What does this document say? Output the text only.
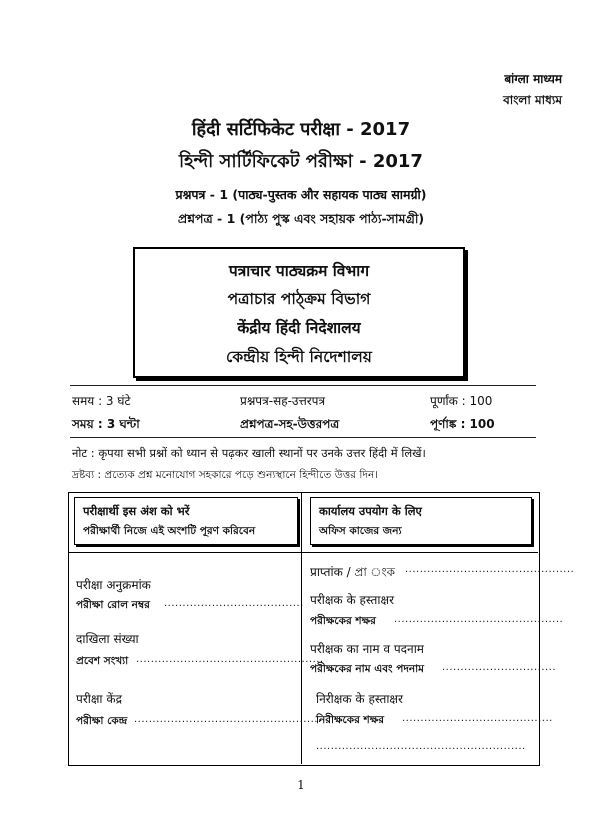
बांग्ला माध्यम
বাংলা মাধ্যম
हिंदी सर्टिफिकेट परीक्षा - 2017
হিন্দী সার্টিফিকেট পরীক্ষা - 2017
प्रश्नपत्र - 1 (पाठ्य-पुस्तक और सहायक पाठ्य सामग्री)
প্রশ্নপত্র - 1 (পাঠ্য পুস্ক এবং সহায়ক পাঠ্য-সামগ্রী)
पत्राचार पाठ्यक्रम विभाग
পত্রাচার পাঠ্ক্রম বিভাগ
केंद्रीय हिंदी निदेशालय
কেন্দ্রীয় হিন্দী নিদেশালয়
समय : 3 घंटे	प्रश्नपत्र-सह-उत्तरपत्र	पूर्णांक : 100
সময় : 3 ঘন্টা	প্রশ্নপত্র-সহ-উত্তরপত্র	পূর্ণাঙ্ক : 100
नोट : कृपया सभी प्रश्नों को ध्यान से पढ़कर खाली स्थानों पर उनके उत्तर हिंदी में लिखें।
দ্রষ্টব্য : প্রত্যেক প্রশ্ন মনোযোগ সহকারে পড়ে শুন্যস্থানে হিন্দীতে উত্তর দিন।
परीक्षार्थी इस अंश को भरें
পরীক্ষার্থী নিজে এই অংশটি পূরণ করিবেন
कार्यालय उपयोग के लिए
অফিস কাজের জন্য
परीक्षा अनुक्रमांक
পরীক্ষা রোল নম্বর ......................................
दाखिला संख्या
প্রবেশ সংখ্যা ...................................................
परीक्षा केंद्र
পরীক্ষা কেন্দ্র ...................................................
प्राप्तांक / প্রা ংক ..............................................
परीक्षक के हस्ताक्षर
পরীক্ষকের শক্ষর ..............................................
परीक्षक का नाम व पदनाम
পরীক্ষকের নাম এবং পদনাম ...............................
निरीक्षक के हस्ताक्षर
নিরীক্ষকের শক্ষর .........................................
.........................................................
1
